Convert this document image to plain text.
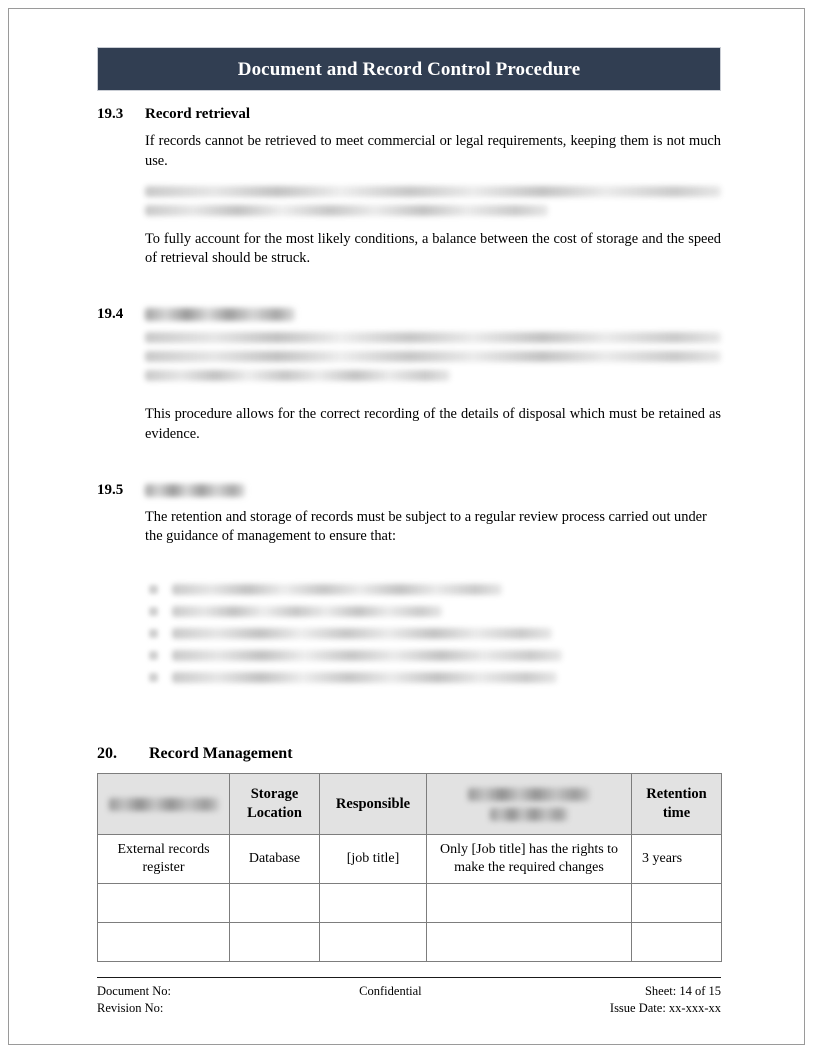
Document and Record Control Procedure
19.3	Record retrieval

If records cannot be retrieved to meet commercial or legal requirements, keeping them is not much use.

To fully account for the most likely conditions, a balance between the cost of storage and the speed of retrieval should be struck.

19.4

This procedure allows for the correct recording of the details of disposal which must be retained as evidence.

19.5

The retention and storage of records must be subject to a regular review process carried out under the guidance of management to ensure that:

20.	Record Management
	Storage Location	Responsible		Retention time
External records register	Database	[job title]	Only [Job title] has the rights to make the required changes	3 years

Document No:
Revision No:
Confidential	Sheet: 14 of 15
Issue Date: xx-xxx-xx
